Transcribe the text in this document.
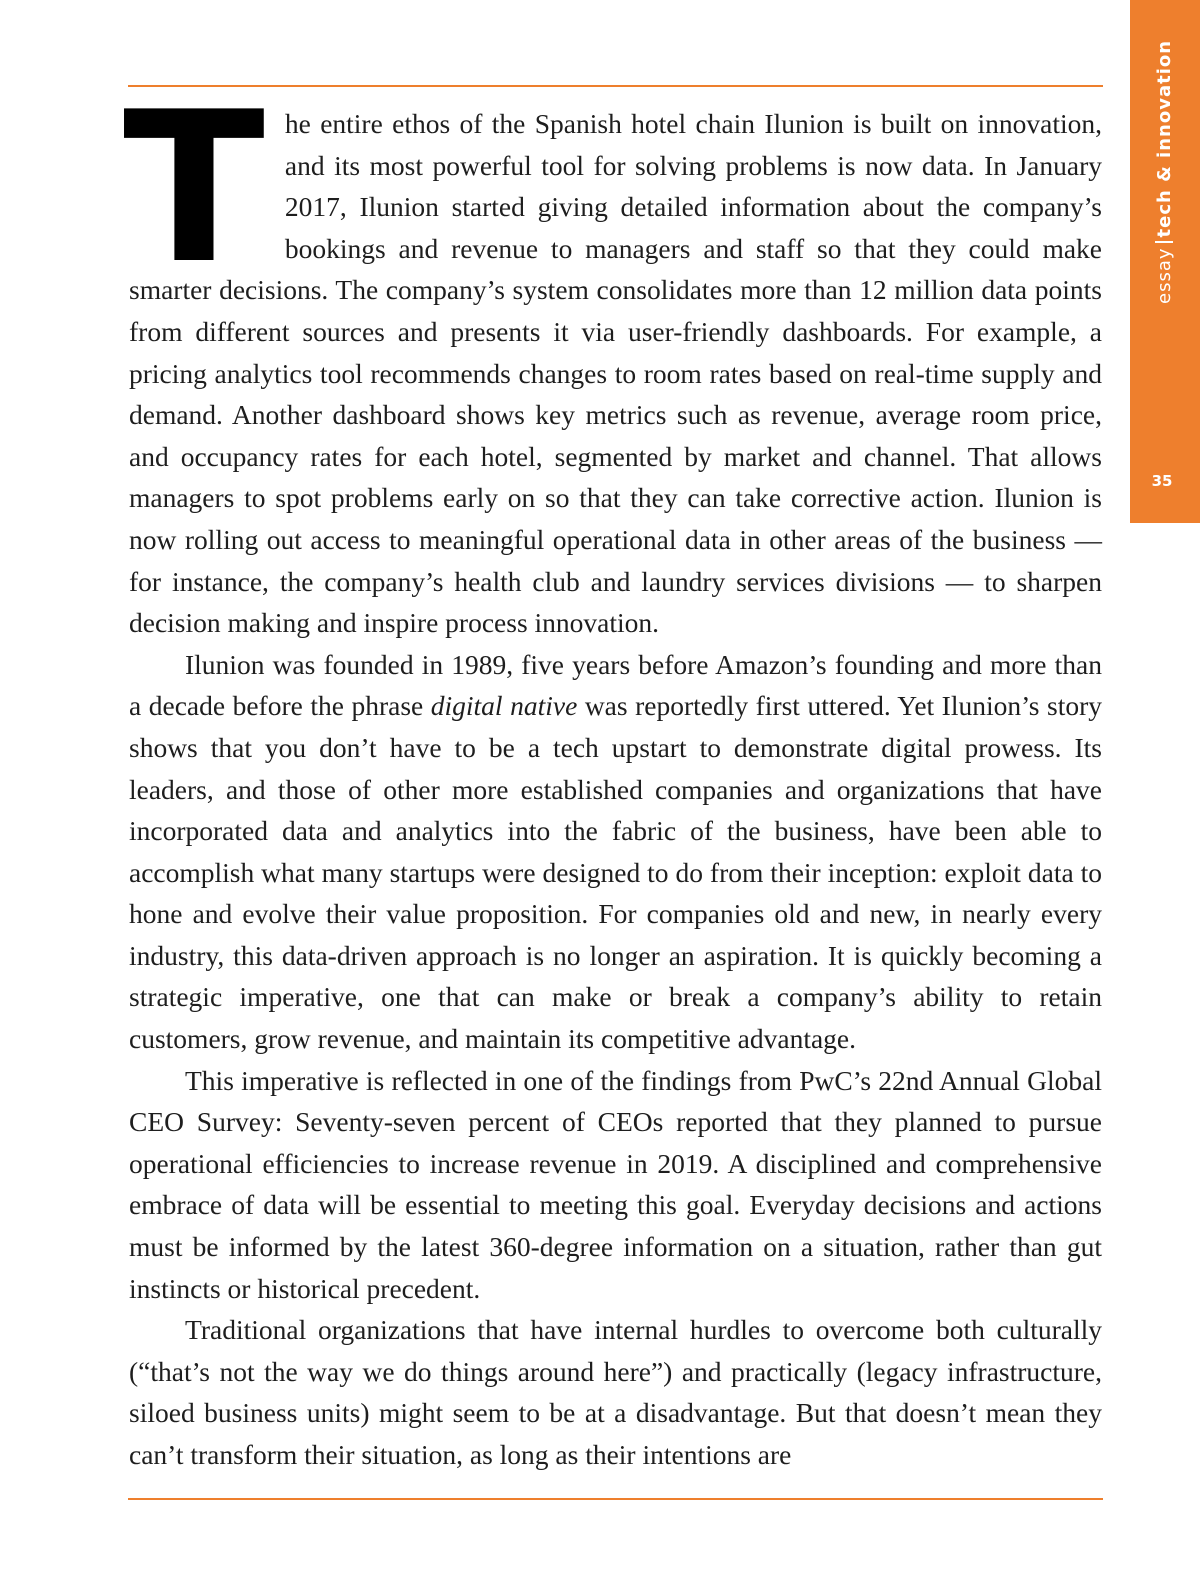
essaytech & innovation
35

The entire ethos of the Spanish hotel chain Ilunion is built on innovation, and its most powerful tool for solving problems is now data. In January 2017, Ilunion started giving detailed information about the company’s bookings and revenue to managers and staff so that they could make smarter decisions. The company’s system consolidates more than 12 million data points from different sources and presents it via user-friendly dashboards. For example, a pricing analytics tool recommends changes to room rates based on real-time supply and demand. Another dashboard shows key metrics such as revenue, average room price, and occupancy rates for each hotel, segmented by market and channel. That allows managers to spot problems early on so that they can take corrective action. Ilunion is now rolling out access to meaningful operational data in other areas of the business — for instance, the company’s health club and laundry services divisions — to sharpen decision making and inspire process innovation.

Ilunion was founded in 1989, five years before Amazon’s founding and more than a decade before the phrase digital native was reportedly first uttered. Yet Ilunion’s story shows that you don’t have to be a tech upstart to demonstrate digital prowess. Its leaders, and those of other more established companies and organizations that have incorporated data and analytics into the fabric of the business, have been able to accomplish what many startups were designed to do from their inception: exploit data to hone and evolve their value proposition. For companies old and new, in nearly every industry, this data-driven approach is no longer an aspiration. It is quickly becoming a strategic imperative, one that can make or break a company’s ability to retain customers, grow revenue, and maintain its competitive advantage.

This imperative is reflected in one of the findings from PwC’s 22nd Annual Global CEO Survey: Seventy-seven percent of CEOs reported that they planned to pursue operational efficiencies to increase revenue in 2019. A disciplined and comprehensive embrace of data will be essential to meeting this goal. Everyday decisions and actions must be informed by the latest 360-degree information on a situation, rather than gut instincts or historical precedent.

Traditional organizations that have internal hurdles to overcome both culturally (“that’s not the way we do things around here”) and practically (legacy infrastructure, siloed business units) might seem to be at a disadvantage. But that doesn’t mean they can’t transform their situation, as long as their intentions are
